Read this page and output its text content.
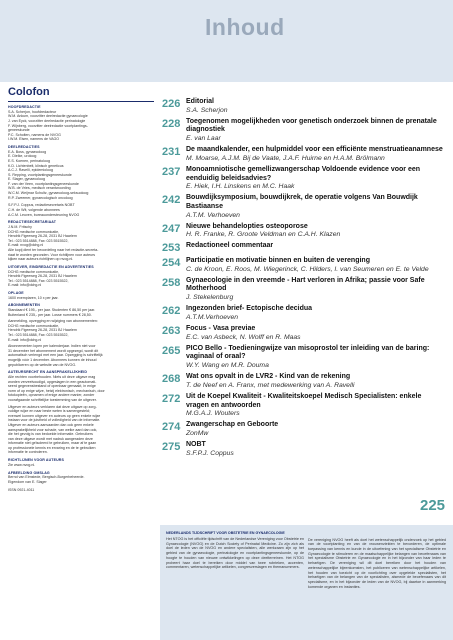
Inhoud
Colofon
HOOFDREDACTIE
S.A. Scherjon, hoofdredacteur
W.M. Ankum, voorzitter deelredactie gynaecologie
J. van Eyck, voorzitter deelredactie perinatologie
F. Wijnberg, voorzitter deelredactie voortplantings-
geneeskunde
P.C. Scholten, namens de NVOG
I.W.M. Elsen, namens de VAGO
DEELREDACTIES
E.A. Boss, gynaecoloog
E. Dielke, uroloog
E.S. Koenen, perinatoloog
K.D. Lichtenbelt, klinisch geneticus
A.C.J. Ravelli, epidemioloog
S. Repping, voortplantingsgeneeskunde
E. Slager, gynaecoloog
F. van der Veen, voortplantingsgeneeskunde
W.B. de Vries, medisch verantwoording
W.C.M. Weijmar Schultz, gynaecoloog-seksuoloog
R.P. Zweemer, gynaecologisch oncoloog
S.F.P.J. Coppus, redactiesecretaris NOBT
C.H. de Wit, volgende abonnees
A.C.M. Leuven, bureauondersteuning NVOG
REDACTIESECRETARIAAT
J.N.M. Fritschy
DCHG medische communicatie,
Hendrik Figeeweg 26-28, 2031 BJ Haarlem
Tel.: 023 5514888, Fax: 023 5515522,
E-mail: nvog@dchg.nl
Alle kopij dient ter beoordeling naar het redactie-secreta-
riaat te worden gezonden. Voor richtlijnen voor auteurs
kijken naar auteurs richtlijnen op nvog.nl.
UITGEVER, EINDREDACTIE EN ADVERTENTIES
DCHG medische communicatie,
Hendrik Figeeweg 26-28, 2031 BJ Haarlem
Tel.: 023 5514888, Fax: 023 5515522,
E-mail: info@dchg.nl
OPLAGE
1600 exemplaren, 10 x per jaar.
ABONNEMENTEN
Standaard € 195,- per jaar. Studenten € 86,50 per jaar.
Buitenland € 235,- per jaar. Losse nummers € 28,50.
Aanmelding, opzegging en wijziging van abonnementen:
DCHG medische communicatie,
Hendrik Figeeweg 26-28, 2031 BJ Haarlem
Tel.: 023 5514888, Fax: 023 5515522,
E-mail: info@dchg.nl
Abonnementen lopen per kalenderjaar. Indien niet voor
31 december het abonnement wordt opgezegd, wordt dit
automatisch verlengd met een jaar. Opzegging is schriftelijk
mogelijk vóór 1 december. Abonnees kunnen de inhoud
gepubliceren op de website van de NVOG.
AUTEURSRECHT EN AANSPRAKELIJKHEID
Alle rechten voorbehouden. Niets uit deze uitgave mag
worden verveelvoudigd, opgeslagen in een geautomati-
seerd gegevensbestand of openbaar gemaakt, in enige
vorm of op enige wijze, hetzij elektronisch, mechanisch, door
fotokopieën, opnamen of enige andere manier, zonder
voorafgaande schriftelijke toestemming van de uitgever.
Uitgever en auteurs verklaren dat deze uitgave op zorg-
vuldige wijze en naar beste weten is samengesteld;
evenwel kunnen uitgever en auteurs op geen enkele wijze
instaan voor de juistheid of volledigheid van de informatie.
Uitgever en auteurs aanvaarden dan ook geen enkele
aansprakelijkheid voor schade, van welke aard dan ook,
die het gevolg is van bedoelde informatie. Gebruikers
van deze uitgave wordt met nadruk aangeraden deze
informatie niet geïsoleerd te gebruiken, maar af te gaan
op professionele kennis en ervaring en de te gebruiken
informatie te controleren.
RICHTLIJNEN VOOR AUTEURS
Zie www.nvog.nl.
AFBEELDING OMSLAG
Bernd van Elmstede, Bergisch-Burgerbeheerde.
Eigendom van E. Slager
ISSN 0921-4011
226 Editorial
S.A. Scherjon
228 Toegenomen mogelijkheden voor genetisch onderzoek binnen de prenatale diagnostiek
E. van Laar
231 De maandkalender, een hulpmiddel voor een efficiënte menstruatieanamnese
M. Moarse, A.J.M. Bij de Vaate, J.A.F. Huirne en H.A.M. Brölmann
237 Monoamniotische gemellizwangerschap Voldoende evidence voor een eenduidig beleidsadvies?
E. Hiek, I.H. Linskens en M.C. Haak
242 Bouwdijksymposium, bouwdijkrek, de operatie volgens Van Bouwdijk Bastiaanse
A.T.M. Verhoeven
247 Nieuwe behandelopties osteoporose
H. R. Franke, R. Groote Veldman en C.A.H. Klazen
253 Redactioneel commentaar
254 Participatie en motivatie binnen en buiten de verenging
C. de Kroon, E. Roos, M. Wiegerinck, C. Hilders, I. van Seumeren en E. te Velde
258 Gynaecologie in den vreemde - Hart verloren in Afrika; passie voor Safe Motherhood
J. Stekelenburg
262 Ingezonden brief- Ectopische decidua
A.T.M.Verhoeven
263 Focus - Vasa previae
E.C. van Asbeck, N. Wolff en R. Maas
265 PICO Bello - Toedieningwijze van misoprostol ter inleiding van de baring: vaginaal of oraal?
W.Y. Wang en M.R. Douma
268 Wat ons opvalt in de LVR2 - Kind van de rekening
T. de Neef en A. Franx, met medewerking van A. Ravelli
272 Uit de Koepel Kwaliteit - Kwaliteitskoepel Medisch Specialisten: enkele vragen en antwoorden
M.G.A.J. Wouters
274 Zwangerschap en Geboorte
ZonMw
275 NOBT
S.F.P.J. Coppus
225
NEDERLANDS TIJDSCHRIFT VOOR OBSTETRIE EN GYNAECOLOGIE
Het NTOG is het officiële tijdschrift van de Nederlandse Vereniging voor Obstetrie en Gynaecologie (NVOG) en de Dutch Society of Perinatal Medicine. Zo zijn zich als doel de leden van de NVOG en andere specialisten, alle werkzaam zijn op het gebied van de gynaecologie, perinatologie en voortplantingsgeneeskunde, op de hoogte te houden van nieuwe ontwikkelingen op deze deelterreinen. Het NTOG probeert haar doel te bereiken door middel van twee rubrieken, accenten, commentaren, wetenschappelijke artikelen, congresverslagen en themanummers.
De vereniging NVOG heeft als doel het wetenschappelijk onderzoek op het gebied van de voortplanting en van de vrouwenziekten te bevorderen, de optimale toepassing van kennis en kunde in de uitoefening van het specialisme Obstetrie en Gynaecologie te stimuleren en de maatschappelijke belangen van beoefenaars van het specialisme Obstetrie en Gynaecologie en in het bijzonder van haar leden te behartigen. De vereniging wil dit doel bereiken door het houden van wetenschappelijke bijeenkomsten, het publiceren van wetenschappelijke artikelen, het houden van toezicht op de voorlichting over opgeleide specialisten, het behartigen van de belangen van de specialisten, alsmede de beoefenaars van dit specialisme, en in het bijzonder de leden van de NVOG, bij daartoe in aanmerking komende organen en instanties.
